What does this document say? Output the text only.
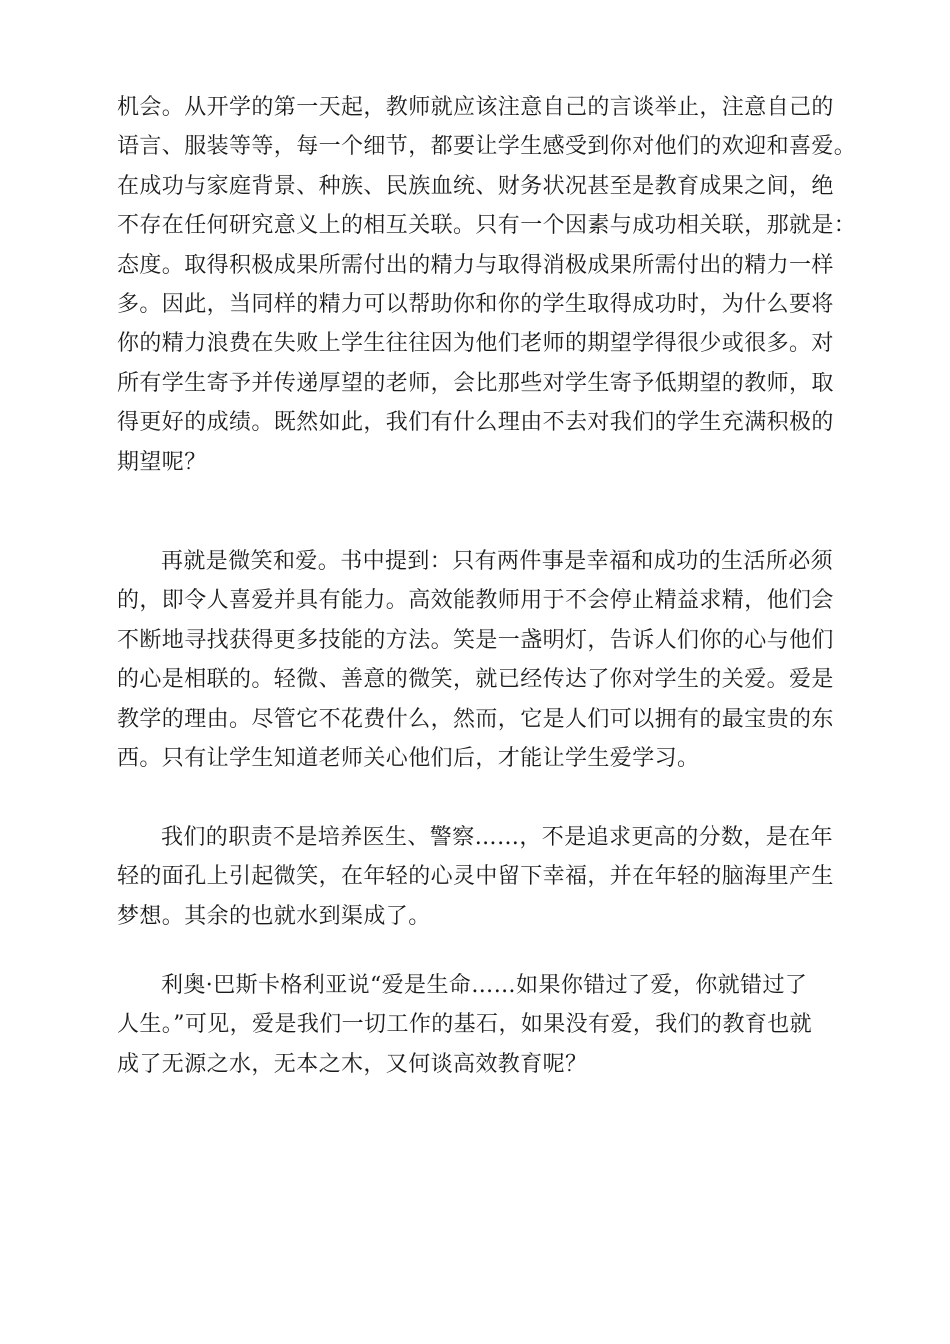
机会。从开学的第一天起，教师就应该注意自己的言谈举止，注意自己的
语言、服装等等，每一个细节，都要让学生感受到你对他们的欢迎和喜爱。
在成功与家庭背景、种族、民族血统、财务状况甚至是教育成果之间，绝
不存在任何研究意义上的相互关联。只有一个因素与成功相关联，那就是：
态度。取得积极成果所需付出的精力与取得消极成果所需付出的精力一样
多。因此，当同样的精力可以帮助你和你的学生取得成功时，为什么要将
你的精力浪费在失败上学生往往因为他们老师的期望学得很少或很多。对
所有学生寄予并传递厚望的老师，会比那些对学生寄予低期望的教师，取
得更好的成绩。既然如此，我们有什么理由不去对我们的学生充满积极的
期望呢？
再就是微笑和爱。书中提到：只有两件事是幸福和成功的生活所必须
的，即令人喜爱并具有能力。高效能教师用于不会停止精益求精，他们会
不断地寻找获得更多技能的方法。笑是一盏明灯，告诉人们你的心与他们
的心是相联的。轻微、善意的微笑，就已经传达了你对学生的关爱。爱是
教学的理由。尽管它不花费什么，然而，它是人们可以拥有的最宝贵的东
西。只有让学生知道老师关心他们后，才能让学生爱学习。
我们的职责不是培养医生、警察……，不是追求更高的分数，是在年
轻的面孔上引起微笑，在年轻的心灵中留下幸福，并在年轻的脑海里产生
梦想。其余的也就水到渠成了。
利奥·巴斯卡格利亚说“爱是生命……如果你错过了爱，你就错过了
人生。”可见，爱是我们一切工作的基石，如果没有爱，我们的教育也就
成了无源之水，无本之木，又何谈高效教育呢？
